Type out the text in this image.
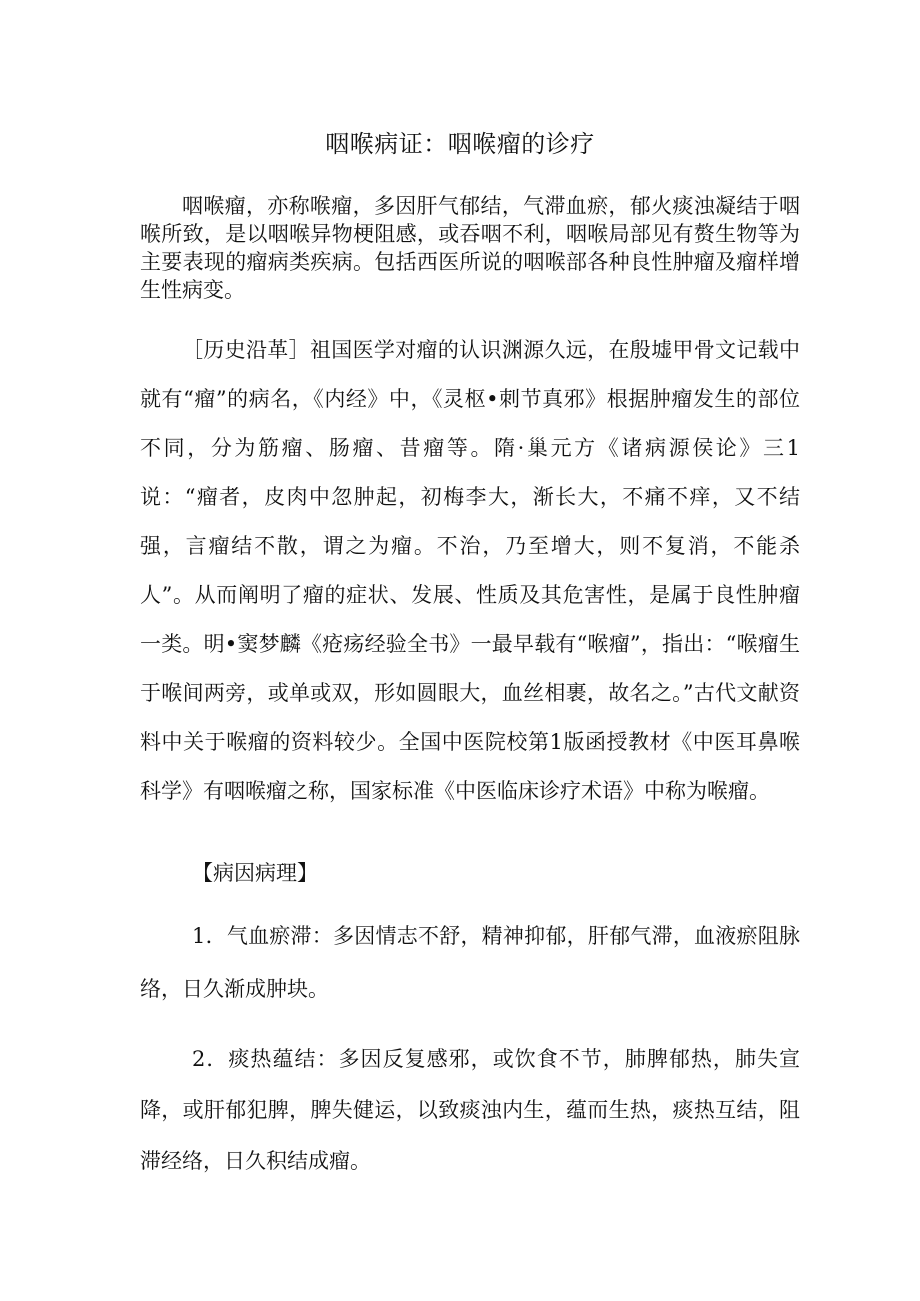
咽喉病证：咽喉瘤的诊疗

咽喉瘤，亦称喉瘤，多因肝气郁结，气滞血瘀，郁火痰浊凝结于咽喉所致，是以咽喉异物梗阻感，或吞咽不利，咽喉局部见有赘生物等为主要表现的瘤病类疾病。包括西医所说的咽喉部各种良性肿瘤及瘤样增生性病变。

［历史沿革］祖国医学对瘤的认识渊源久远，在殷墟甲骨文记载中就有“瘤”的病名，《内经》中，《灵枢•刺节真邪》根据肿瘤发生的部位不同，分为筋瘤、肠瘤、昔瘤等。隋·巢元方《诸病源侯论》三1说：“瘤者，皮肉中忽肿起，初梅李大，渐长大，不痛不痒，又不结强，言瘤结不散，谓之为瘤。不治，乃至增大，则不复消，不能杀人”。从而阐明了瘤的症状、发展、性质及其危害性，是属于良性肿瘤一类。明•窦梦麟《疮疡经验全书》一最早载有“喉瘤”，指出：“喉瘤生于喉间两旁，或单或双，形如圆眼大，血丝相裹，故名之。”古代文献资料中关于喉瘤的资料较少。全国中医院校第1版函授教材《中医耳鼻喉科学》有咽喉瘤之称，国家标准《中医临床诊疗术语》中称为喉瘤。

【病因病理】

1．气血瘀滞：多因情志不舒，精神抑郁，肝郁气滞，血液瘀阻脉络，日久渐成肿块。

2．痰热蕴结：多因反复感邪，或饮食不节，肺脾郁热，肺失宣降，或肝郁犯脾，脾失健运，以致痰浊内生，蕴而生热，痰热互结，阻滞经络，日久积结成瘤。
